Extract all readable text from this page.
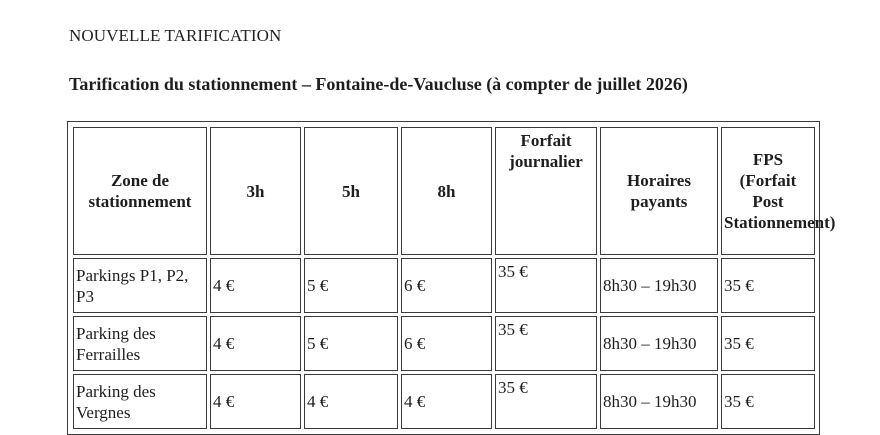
NOUVELLE TARIFICATION
Tarification du stationnement – Fontaine-de-Vaucluse (à compter de juillet 2026)
Zone de stationnement	3h	5h	8h	Forfait journalier	Horaires payants	FPS (Forfait Post Stationnement)
Parkings P1, P2, P3	4 €	5 €	6 €	35 €	8h30 – 19h30	35 €
Parking des Ferrailles	4 €	5 €	6 €	35 €	8h30 – 19h30	35 €
Parking des Vergnes	4 €	4 €	4 €	35 €	8h30 – 19h30	35 €
